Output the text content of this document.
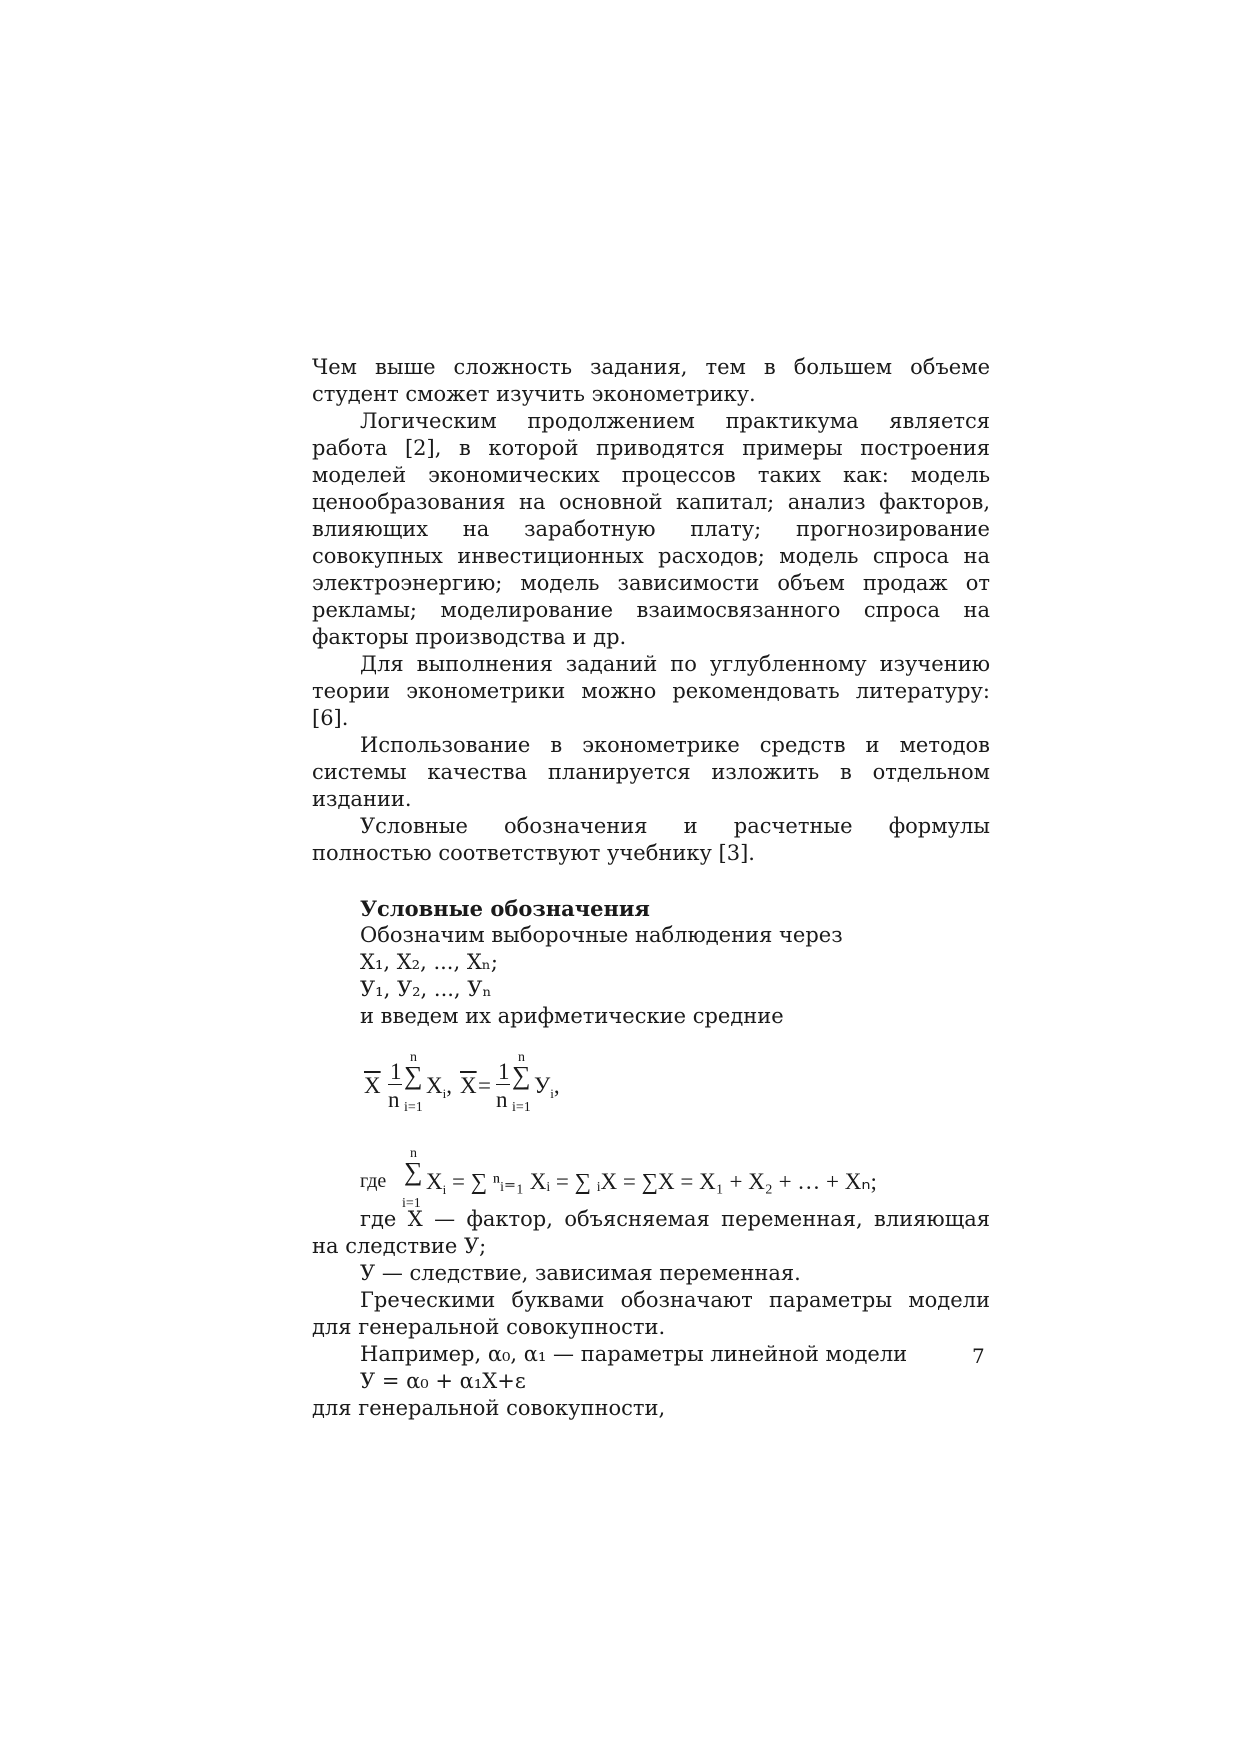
Чем выше сложность задания, тем в большем объеме студент сможет изучить эконометрику.

Логическим продолжением практикума является работа [2], в которой приводятся примеры построения моделей экономических процессов таких как: модель ценообразования на основной капитал; анализ факторов, влияющих на заработную плату; прогнозирование совокупных инвестиционных расходов; модель спроса на электроэнергию; модель зависимости объем продаж от рекламы; моделирование взаимосвязанного спроса на факторы производства и др.

Для выполнения заданий по углубленному изучению теории эконометрики можно рекомендовать литературу: [6].

Использование в эконометрике средств и методов системы качества планируется изложить в отдельном издании.

Условные обозначения и расчетные формулы полностью соответствуют учебнику [3].

Условные обозначения
Обозначим выборочные наблюдения через
X₁, X₂, ..., Xₙ;
У₁, У₂, ..., Уₙ
и введем их арифметические средние
$\overline{X}$
1
n
n
∑
i=1
$X_i$, $\overline{X}$ =
1
n
n
∑
i=1
$У_i$,
где
n
∑
i=1
$X_i$ = ∑ ⁿᵢ₌₁ Xᵢ = ∑ ᵢX = ∑X = X₁ + X₂ + … + Xₙ;

где X — фактор, объясняемая переменная, влияющая на следствие У;

У — следствие, зависимая переменная.

Греческими буквами обозначают параметры модели для генеральной совокупности.

Например, α₀, α₁ — параметры линейной модели

У = α₀ + α₁X+ε

для генеральной совокупности,

7
